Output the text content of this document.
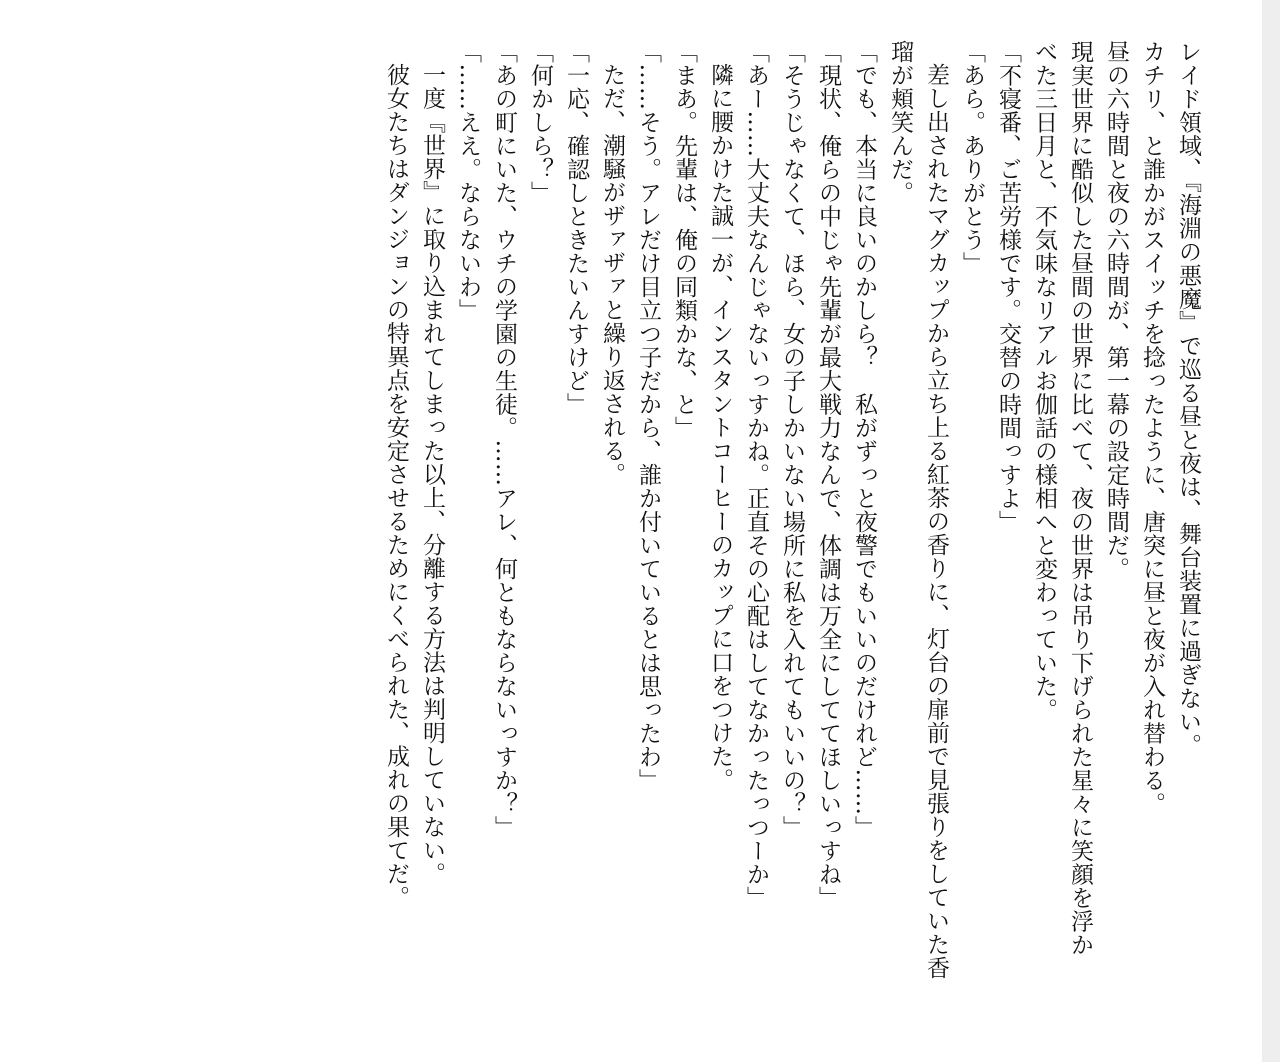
レイド領域、『海淵の悪魔』で巡る昼と夜は、舞台装置に過ぎない。

カチリ、と誰かがスイッチを捻ったように、唐突に昼と夜が入れ替わる。

昼の六時間と夜の六時間が、第一幕の設定時間だ。

現実世界に酷似した昼間の世界に比べて、夜の世界は吊り下げられた星々に笑顔を浮か

べた三日月と、不気味なリアルお伽話の様相へと変わっていた。

「不寝番、ご苦労様です。交替の時間っすよ」

「あら。ありがとう」

差し出されたマグカップから立ち上る紅茶の香りに、灯台の扉前で見張りをしていた香

瑠が頬笑んだ。

「でも、本当に良いのかしら？　私がずっと夜警でもいいのだけれど……」

「現状、俺らの中じゃ先輩が最大戦力なんで、体調は万全にしててほしいっすね」

「そうじゃなくて、ほら、女の子しかいない場所に私を入れてもいいの？」

「あー……大丈夫なんじゃないっすかね。正直その心配はしてなかったっつーか」

隣に腰かけた誠一が、インスタントコーヒーのカップに口をつけた。

「まあ。先輩は、俺の同類かな、と」

「……そう。アレだけ目立つ子だから、誰か付いているとは思ったわ」

ただ、潮騒がザァザァと繰り返される。

「一応、確認しときたいんすけど」

「何かしら？」

「あの町にいた、ウチの学園の生徒。……アレ、何ともならないっすか？」

「……ええ。ならないわ」

一度『世界』に取り込まれてしまった以上、分離する方法は判明していない。

彼女たちはダンジョンの特異点を安定させるためにくべられた、成れの果てだ。
